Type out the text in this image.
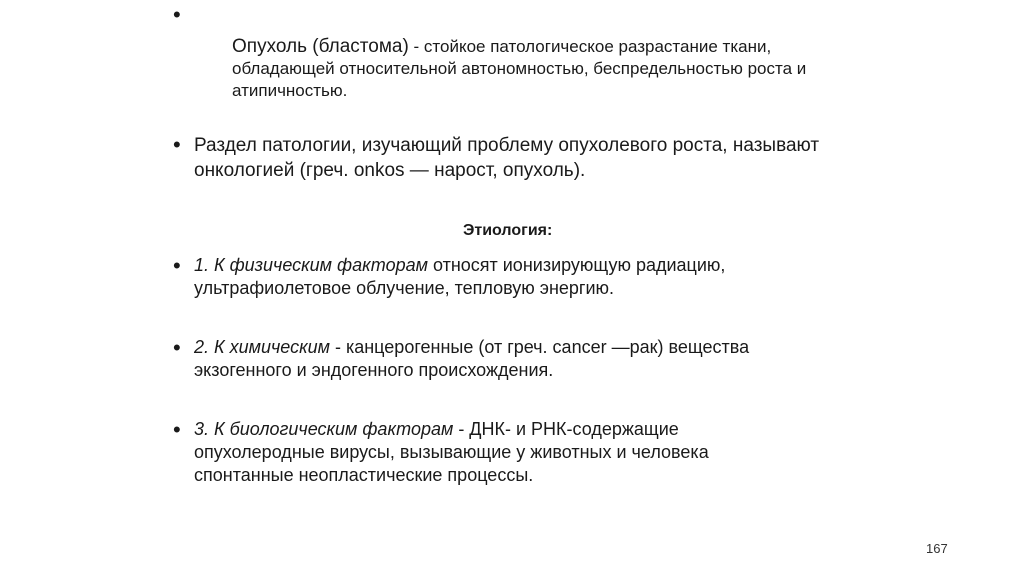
•
Опухоль (бластома) - стойкое патологическое разрастание ткани,
обладающей относительной автономностью, беспредельностью роста и
атипичностью.
• Раздел патологии, изучающий проблему опухолевого роста, называют
онкологией (греч. onkos — нарост, опухоль).
Этиология:
• 1. К физическим факторам относят ионизирующую радиацию,
ультрафиолетовое облучение, тепловую энергию.
• 2. К химическим - канцерогенные (от греч. cancer —рак) вещества
экзогенного и эндогенного происхождения.
• 3. К биологическим факторам - ДНК- и РНК-содержащие
опухолеродные вирусы, вызывающие у животных и человека
спонтанные неопластические процессы.
167
